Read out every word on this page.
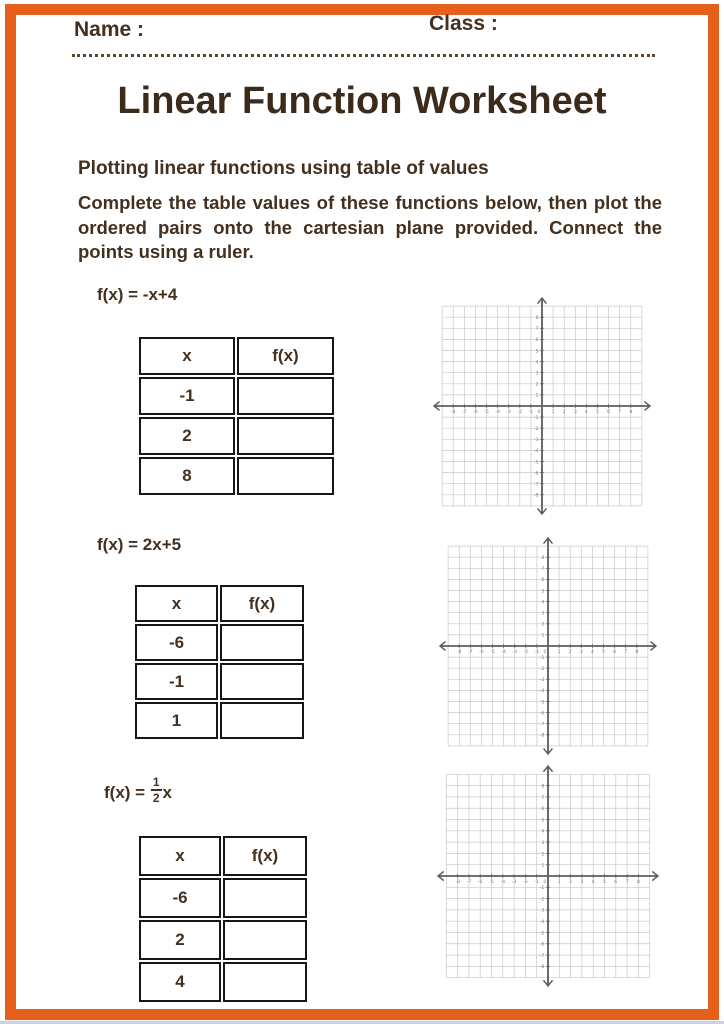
Name :	Class :
Linear Function Worksheet
Plotting linear functions using table of values
Complete the table values of these functions below, then plot the ordered pairs onto the cartesian plane provided. Connect the points using a ruler.
f(x) = -x+4
x	f(x)
-1	
2	
8	
-8 -7 -6 -5 -4 -3 -2 -1 0 1 2 3 4 5 6 7 8
8
7
6
5
4
3
2
1
-1
-2
-3
-4
-5
-6
-7
-8
f(x) = 2x+5
x	f(x)
-6	
-1	
1	
-8 -7 -6 -5 -4 -3 -2 -1 0 1 2 3 4 5 6 7 8
8
7
6
5
4
3
2
1
-1
-2
-3
-4
-5
-6
-7
-8
$f(x) = \frac{1}{2}$ x
x	f(x)
-6	
2	
4	
-8 -7 -6 -5 -4 -3 -2 -1 0 1 2 3 4 5 6 7 8
8
7
6
5
4
3
2
1
-1
-2
-3
-4
-5
-6
-7
-8
